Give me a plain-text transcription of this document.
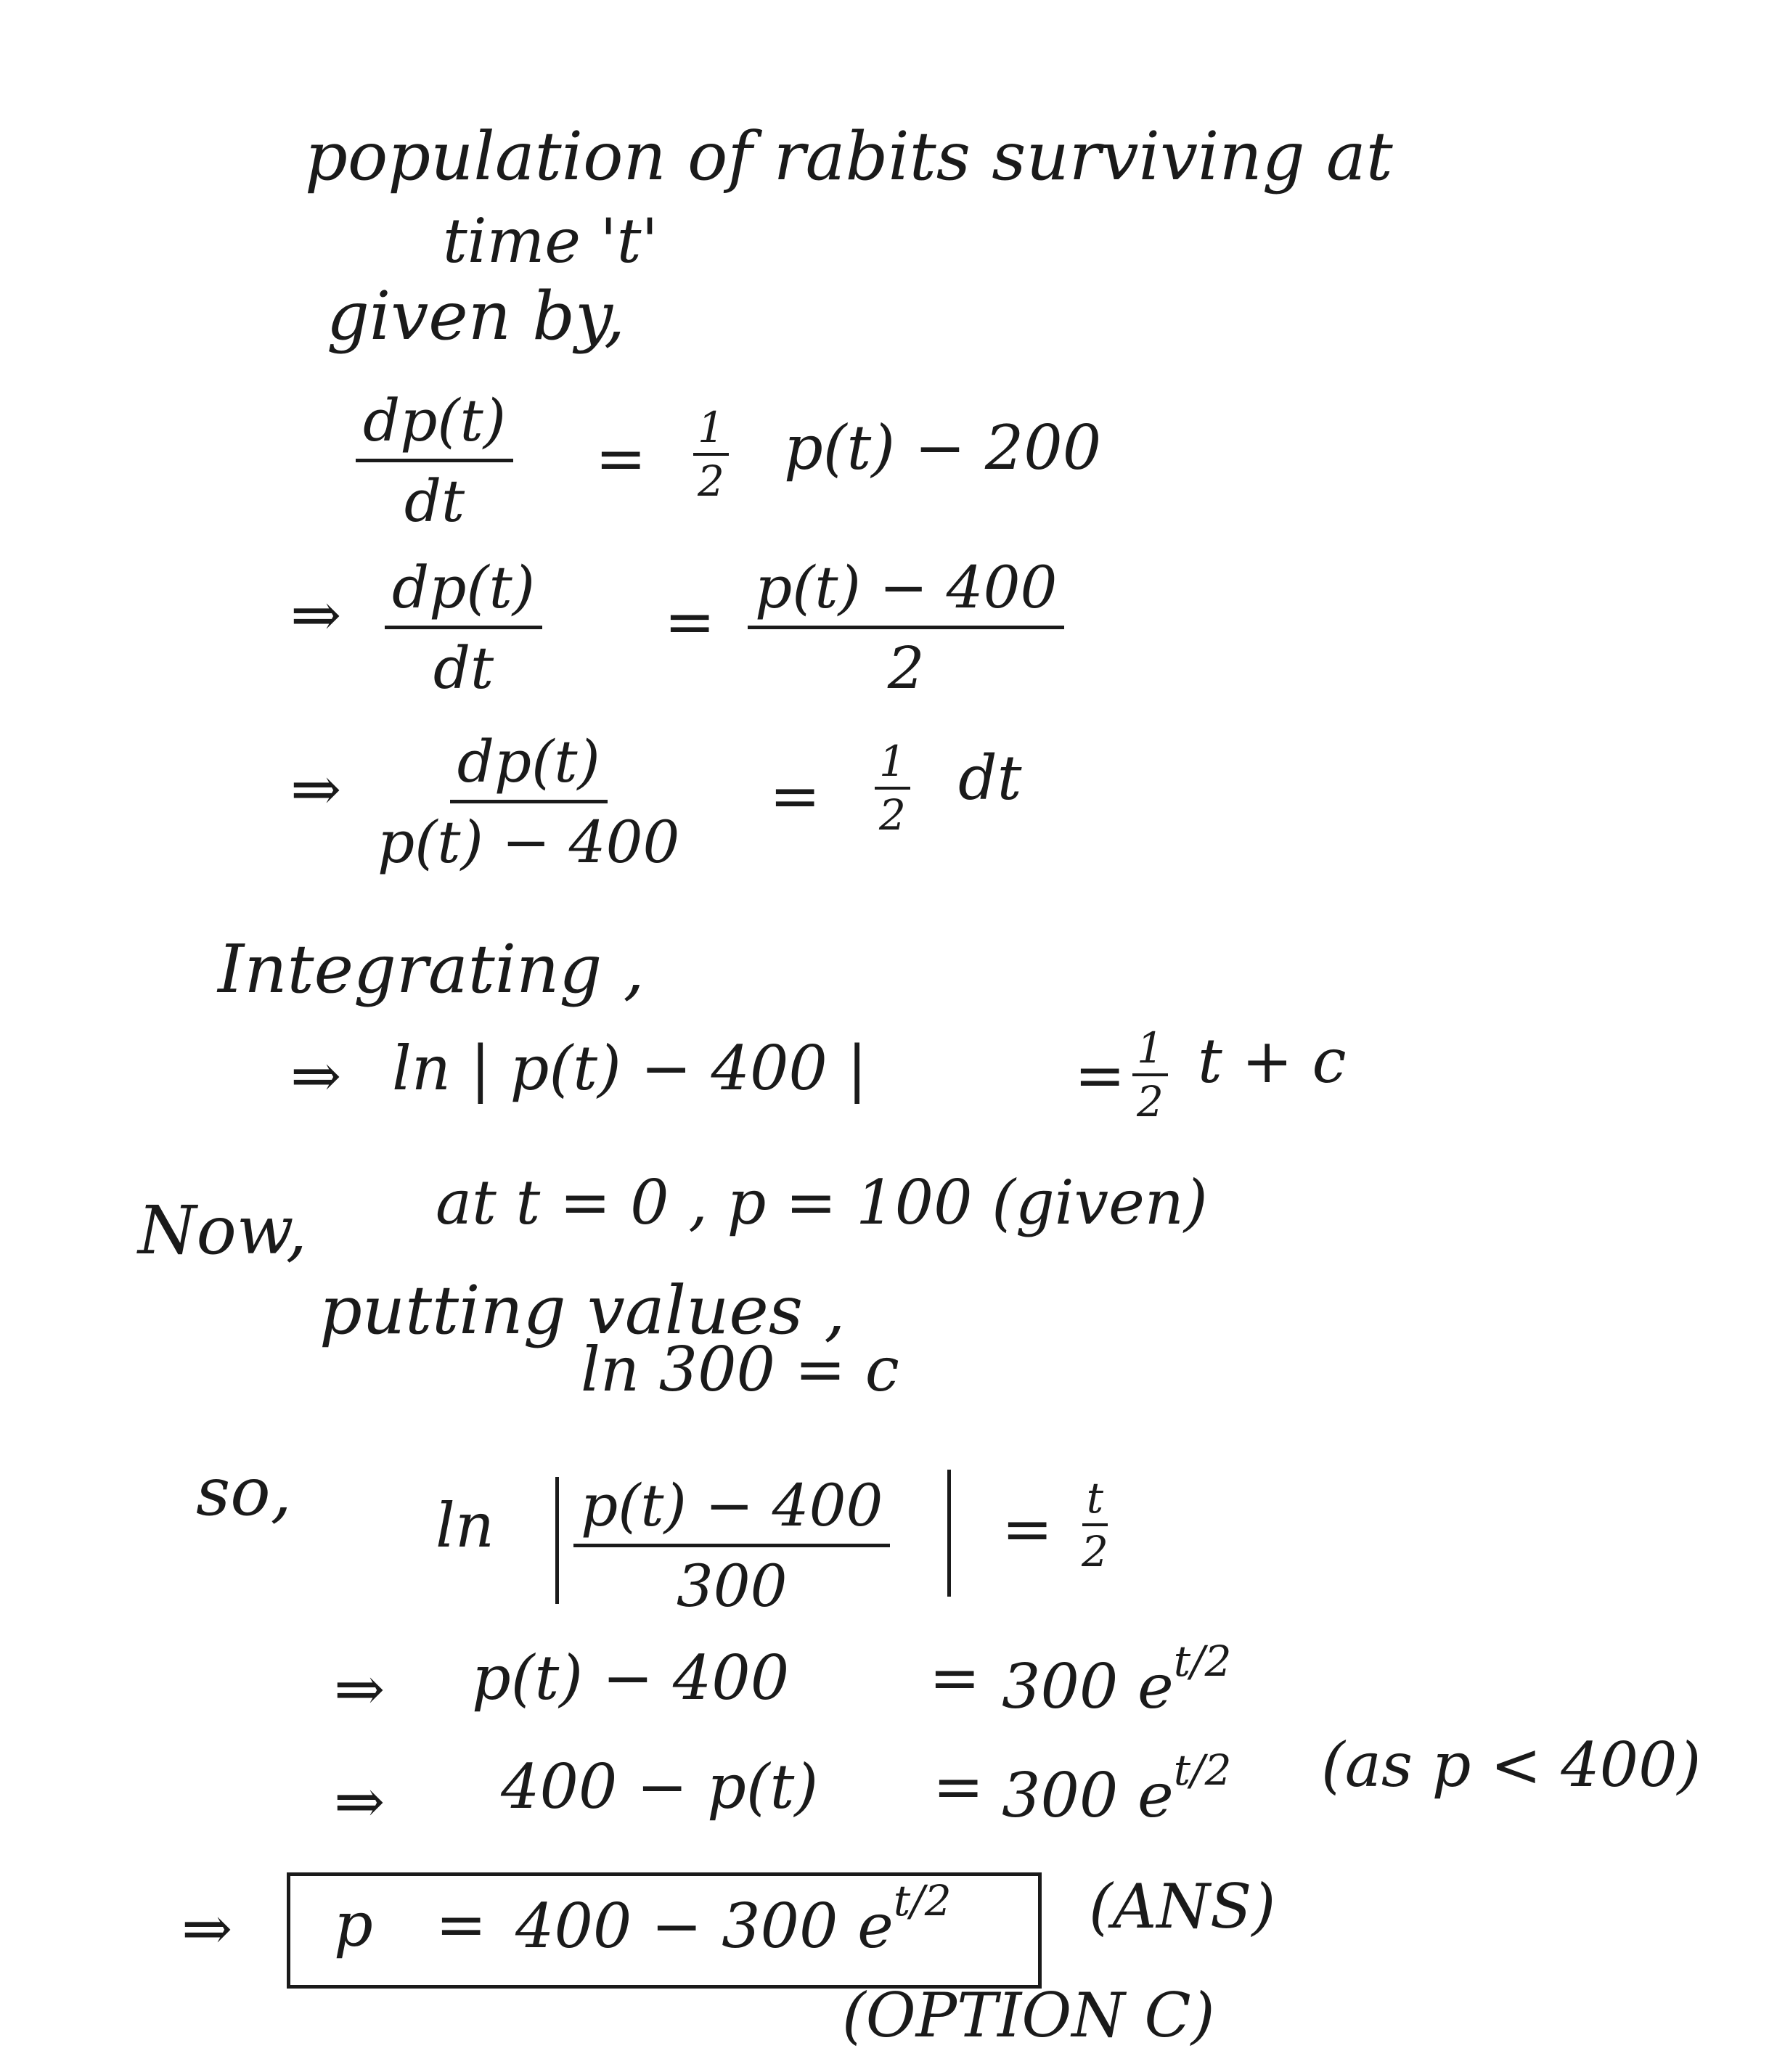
population of rabits surviving at
time 't'
given by,
$\frac{dp(t)}{dt} = \frac{1}{2} p(t) - 200$
⇒ $\frac{dp(t)}{dt} = \frac{p(t) - 400}{2}$
⇒ $\frac{dp(t)}{p(t) - 400} = \frac{1}{2}$ dt
Integrating ,
⇒ ln | p(t) − 400 |	= $\frac{1}{2}$ t + c
Now, at t = 0 , p = 100 (given)
putting values ,
ln 300 = c
so, $\ln \frac{p(t) - 400}{300} = \frac{t}{2}$
⇒ p(t) − 400 = 300 $e^{t/2}$
⇒ 400 − p(t) = 300 $e^{t/2}$ (as p < 400)
⇒ p = 400 − 300 $e^{t/2}$ (ANS)
(OPTION C)
